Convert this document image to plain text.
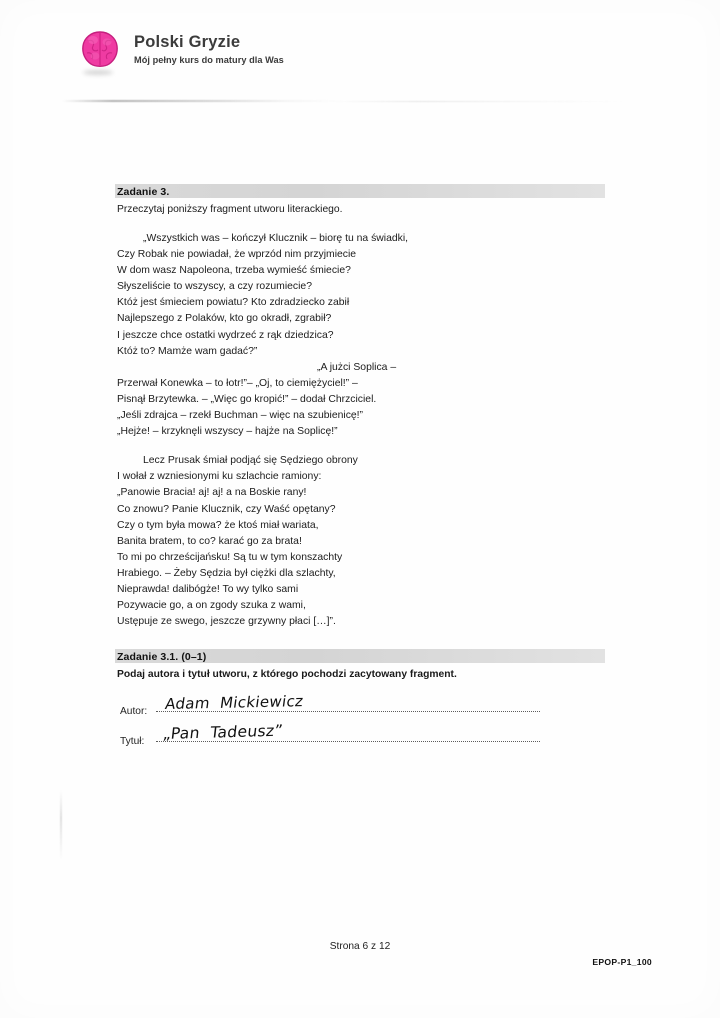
Polski Gryzie
Mój pełny kurs do matury dla Was
Zadanie 3.
Przeczytaj poniższy fragment utworu literackiego.
„Wszystkich was – kończył Klucznik – biorę tu na świadki,
Czy Robak nie powiadał, że wprzód nim przyjmiecie
W dom wasz Napoleona, trzeba wymieść śmiecie?
Słyszeliście to wszyscy, a czy rozumiecie?
Któż jest śmieciem powiatu? Kto zdradziecko zabił
Najlepszego z Polaków, kto go okradł, zgrabił?
I jeszcze chce ostatki wydrzeć z rąk dziedzica?
Któż to? Mamże wam gadać?”
„A jużci Soplica –
Przerwał Konewka – to łotr!”– „Oj, to ciemiężyciel!” –
Pisnął Brzytewka. – „Więc go kropić!” – dodał Chrzciciel.
„Jeśli zdrajca – rzekł Buchman – więc na szubienicę!”
„Hejże! – krzyknęli wszyscy – hajże na Soplicę!”
Lecz Prusak śmiał podjąć się Sędziego obrony
I wołał z wzniesionymi ku szlachcie ramiony:
„Panowie Bracia! aj! aj! a na Boskie rany!
Co znowu? Panie Klucznik, czy Waść opętany?
Czy o tym była mowa? że ktoś miał wariata,
Banita bratem, to co? karać go za brata!
To mi po chrześcijańsku! Są tu w tym konszachty
Hrabiego. – Żeby Sędzia był ciężki dla szlachty,
Nieprawda! dalibógże! To wy tylko sami
Pozywacie go, a on zgody szuka z wami,
Ustępuje ze swego, jeszcze grzywny płaci […]”.
Zadanie 3.1. (0–1)
Podaj autora i tytuł utworu, z którego pochodzi zacytowany fragment.
Autor:	Adam  Mickiewicz
Tytuł:	„Pan  Tadeusz”
Strona 6 z 12
EPOP-P1_100
